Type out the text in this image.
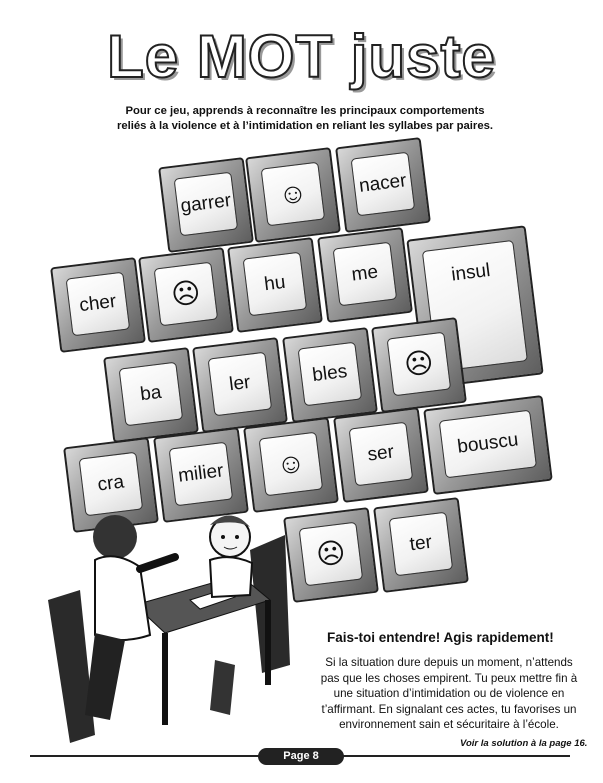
Le MOT juste
Pour ce jeu, apprends à reconnaître les principaux comportements reliés à la violence et à l’intimidation en reliant les syllabes par paires.
garrer ☺	nacer
cher ☹	hu	me	insul
ba	ler	bles ☹
cra	milier ☺	ser	bouscu
☹	ter
Fais-toi entendre! Agis rapidement!
Si la situation dure depuis un moment, n’attends pas que les choses empirent. Tu peux mettre fin à une situation d’intimidation ou de violence en t’affirmant. En signalant ces actes, tu favorises un environnement sain et sécuritaire à l’école.
Voir la solution à la page 16.
Page 8
